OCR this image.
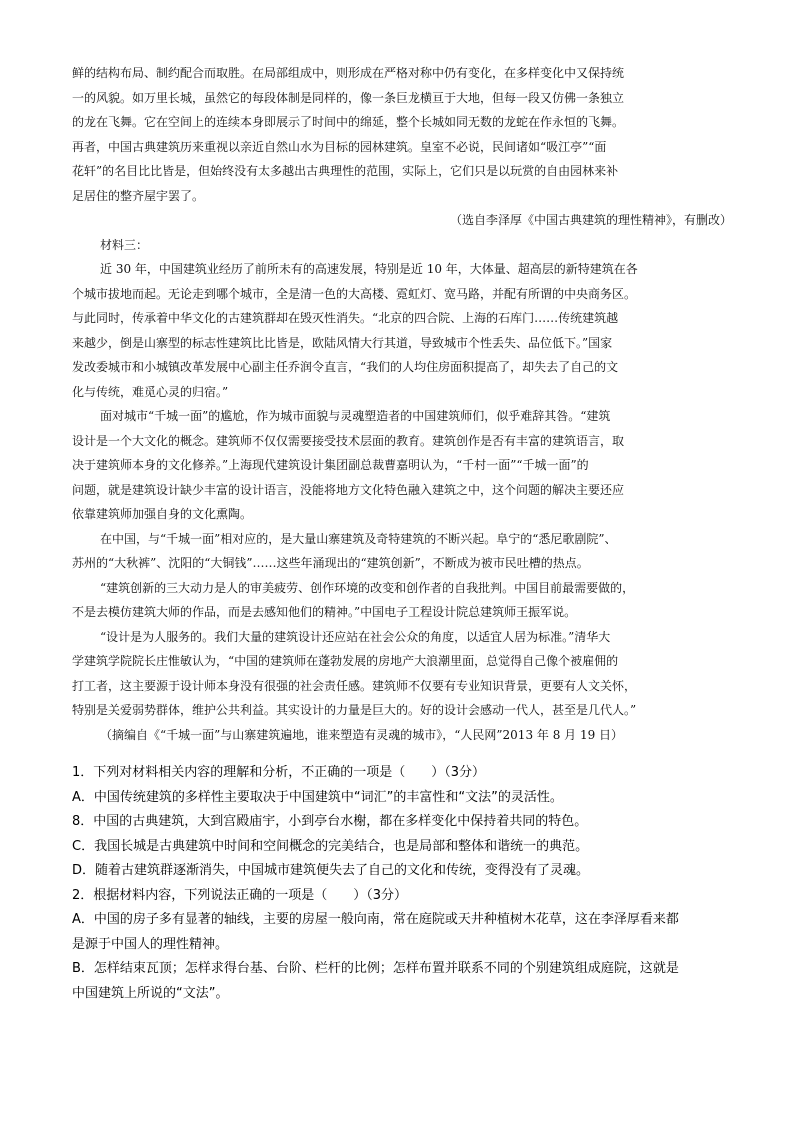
鲜的结构布局、制约配合而取胜。在局部组成中，则形成在严格对称中仍有变化，在多样变化中又保持统
一的风貌。如万里长城，虽然它的每段体制是同样的，像一条巨龙横亘于大地，但每一段又仿佛一条独立
的龙在飞舞。它在空间上的连续本身即展示了时间中的绵延，整个长城如同无数的龙蛇在作永恒的飞舞。
再者，中国古典建筑历来重视以亲近自然山水为目标的园林建筑。皇室不必说，民间诸如“吸江亭”“面
花轩”的名目比比皆是，但始终没有太多越出古典理性的范围，实际上，它们只是以玩赏的自由园林来补
足居住的整齐屋宇罢了。
（选自李泽厚《中国古典建筑的理性精神》，有删改）
材料三：
近 30 年，中国建筑业经历了前所未有的高速发展，特别是近 10 年，大体量、超高层的新特建筑在各
个城市拔地而起。无论走到哪个城市，全是清一色的大高楼、霓虹灯、宽马路，并配有所谓的中央商务区。
与此同时，传承着中华文化的古建筑群却在毁灭性消失。“北京的四合院、上海的石库门……传统建筑越
来越少，倒是山寨型的标志性建筑比比皆是，欧陆风情大行其道，导致城市个性丢失、品位低下。”国家
发改委城市和小城镇改革发展中心副主任乔润令直言，“我们的人均住房面积提高了，却失去了自己的文
化与传统，难觅心灵的归宿。”
面对城市“千城一面”的尴尬，作为城市面貌与灵魂塑造者的中国建筑师们，似乎难辞其咎。“建筑
设计是一个大文化的概念。建筑师不仅仅需要接受技术层面的教育。建筑创作是否有丰富的建筑语言，取
决于建筑师本身的文化修养。”上海现代建筑设计集团副总裁曹嘉明认为，“千村一面”“千城一面”的
问题，就是建筑设计缺少丰富的设计语言，没能将地方文化特色融入建筑之中，这个问题的解决主要还应
依靠建筑师加强自身的文化熏陶。
在中国，与“千城一面”相对应的，是大量山寨建筑及奇特建筑的不断兴起。阜宁的“悉尼歌剧院”、
苏州的“大秋裤”、沈阳的“大铜钱”……这些年涌现出的“建筑创新”，不断成为被市民吐槽的热点。
“建筑创新的三大动力是人的审美疲劳、创作环境的改变和创作者的自我批判。中国目前最需要做的，
不是去模仿建筑大师的作品，而是去感知他们的精神。”中国电子工程设计院总建筑师王振军说。
“设计是为人服务的。我们大量的建筑设计还应站在社会公众的角度，以适宜人居为标准。”清华大
学建筑学院院长庄惟敏认为，“中国的建筑师在蓬勃发展的房地产大浪潮里面，总觉得自己像个被雇佣的
打工者，这主要源于设计师本身没有很强的社会责任感。建筑师不仅要有专业知识背景，更要有人文关怀，
特别是关爱弱势群体，维护公共利益。其实设计的力量是巨大的。好的设计会感动一代人，甚至是几代人。”
（摘编自《“千城一面”与山寨建筑遍地，谁来塑造有灵魂的城市》，“人民网”2013 年 8 月 19 日）
1．下列对材料相关内容的理解和分析，不正确的一项是（　　）（3分）
A．中国传统建筑的多样性主要取决于中国建筑中“词汇”的丰富性和“文法”的灵活性。
8．中国的古典建筑，大到宫殿庙宇，小到亭台水榭，都在多样变化中保持着共同的特色。
C．我国长城是古典建筑中时间和空间概念的完美结合，也是局部和整体和谐统一的典范。
D．随着古建筑群逐渐消失，中国城市建筑便失去了自己的文化和传统，变得没有了灵魂。
2．根据材料内容，下列说法正确的一项是（　　）（3分）
A．中国的房子多有显著的轴线，主要的房屋一般向南，常在庭院或天井种植树木花草，这在李泽厚看来都
是源于中国人的理性精神。
B．怎样结束瓦顶；怎样求得台基、台阶、栏杆的比例；怎样布置并联系不同的个别建筑组成庭院，这就是
中国建筑上所说的“文法”。
